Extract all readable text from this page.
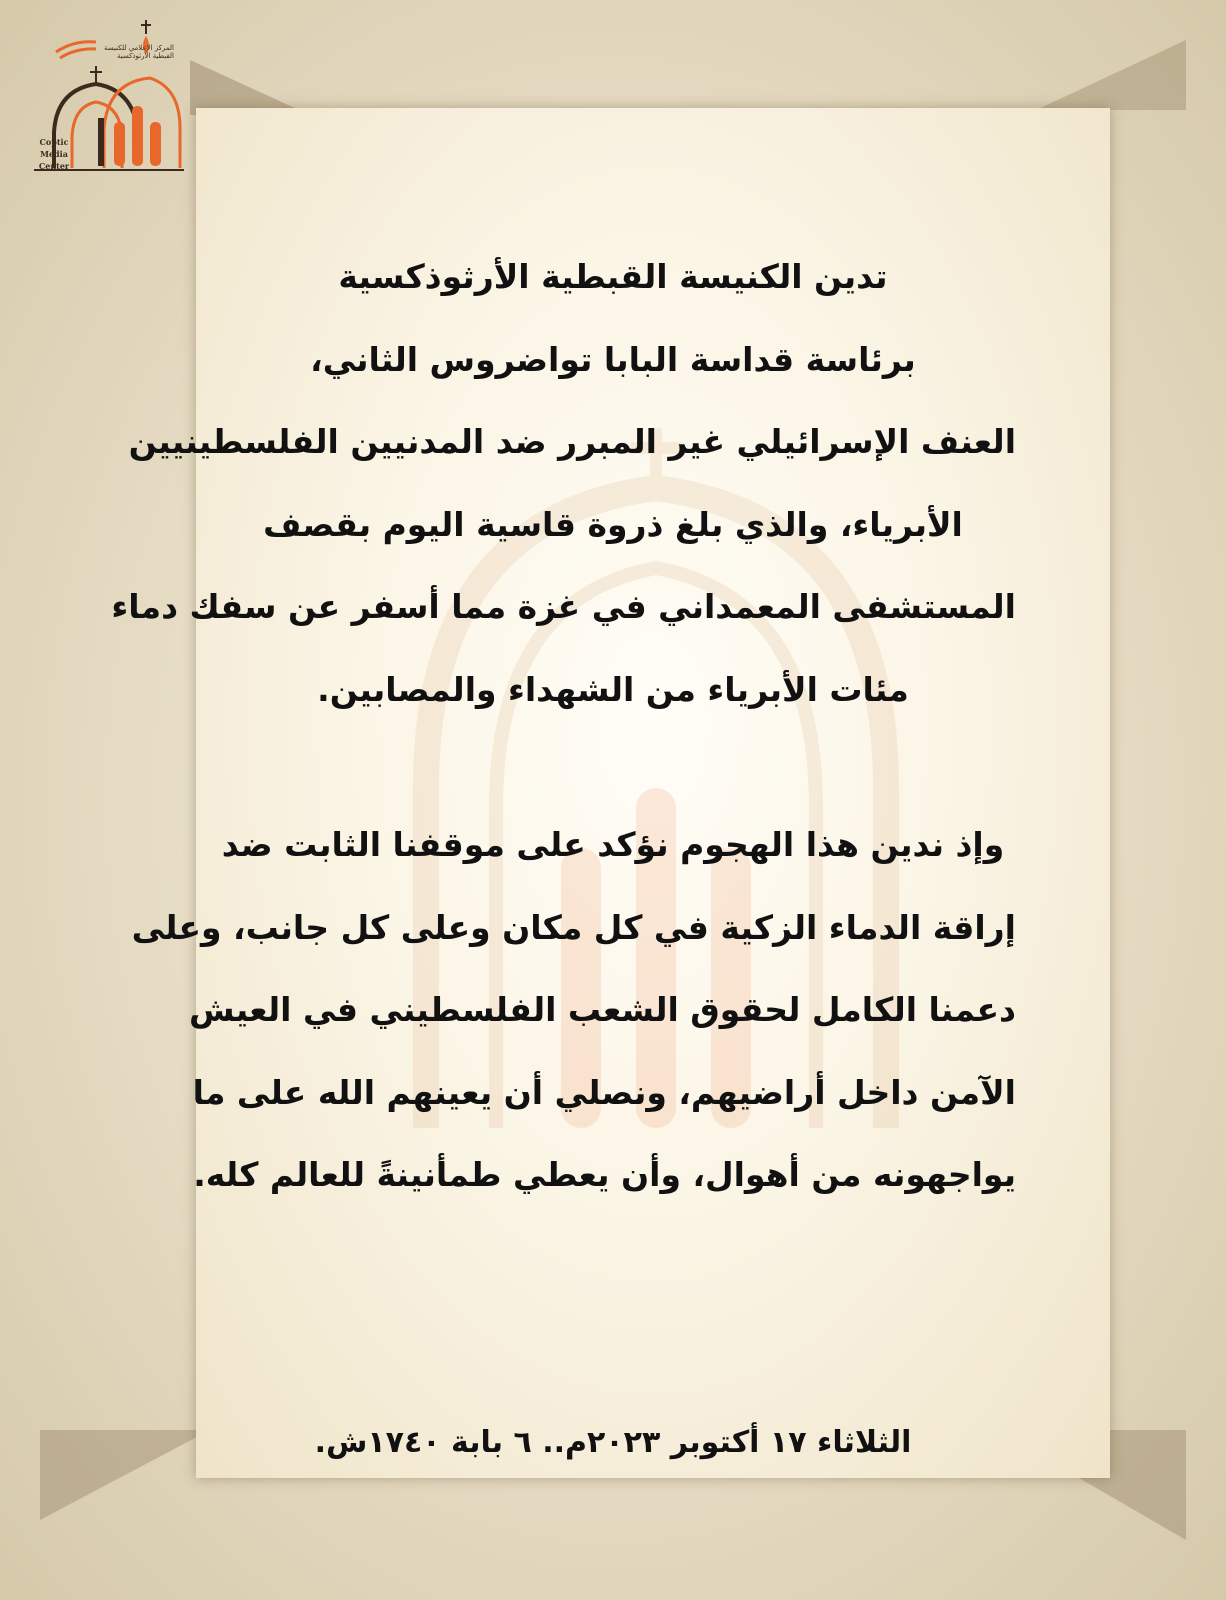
المركز الإعلامي للكنيسة القبطية الأرثوذكسية
Coptic
Media
Center
تدين الكنيسة القبطية الأرثوذكسية
برئاسة قداسة البابا تواضروس الثاني،
العنف الإسرائيلي غير المبرر ضد المدنيين الفلسطينيين
الأبرياء، والذي بلغ ذروة قاسية اليوم بقصف
المستشفى المعمداني في غزة مما أسفر عن سفك دماء
مئات الأبرياء من الشهداء والمصابين.
وإذ ندين هذا الهجوم نؤكد على موقفنا الثابت ضد
إراقة الدماء الزكية في كل مكان وعلى كل جانب، وعلى
دعمنا الكامل لحقوق الشعب الفلسطيني في العيش
الآمن داخل أراضيهم، ونصلي أن يعينهم الله على ما
يواجهونه من أهوال، وأن يعطي طمأنينةً للعالم كله.
الثلاثاء ١٧ أكتوبر ٢٠٢٣م.. ٦ بابة ١٧٤٠ش.
